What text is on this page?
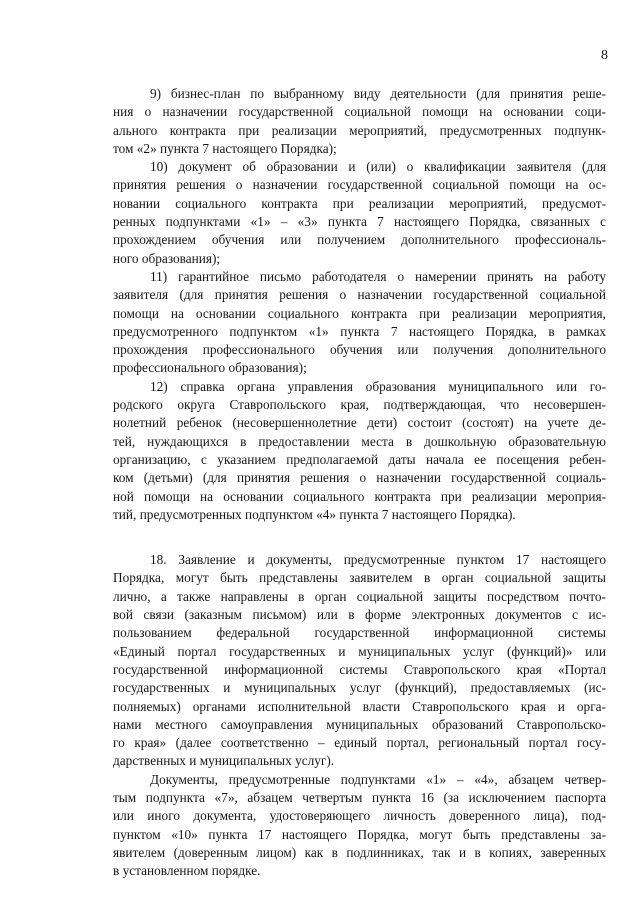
8
9) бизнес-план по выбранному виду деятельности (для принятия реше-
ния о назначении государственной социальной помощи на основании соци-
ального контракта при реализации мероприятий, предусмотренных подпунк-
том «2» пункта 7 настоящего Порядка);
10) документ об образовании и (или) о квалификации заявителя (для
принятия решения о назначении государственной социальной помощи на ос-
новании социального контракта при реализации мероприятий, предусмот-
ренных подпунктами «1» – «3» пункта 7 настоящего Порядка, связанных с
прохождением обучения или получением дополнительного профессиональ-
ного образования);
11) гарантийное письмо работодателя о намерении принять на работу
заявителя (для принятия решения о назначении государственной социальной
помощи на основании социального контракта при реализации мероприятия,
предусмотренного подпунктом «1» пункта 7 настоящего Порядка, в рамках
прохождения профессионального обучения или получения дополнительного
профессионального образования);
12) справка органа управления образования муниципального или го-
родского округа Ставропольского края, подтверждающая, что несовершен-
нолетний ребенок (несовершеннолетние дети) состоит (состоят) на учете де-
тей, нуждающихся в предоставлении места в дошкольную образовательную
организацию, с указанием предполагаемой даты начала ее посещения ребен-
ком (детьми) (для принятия решения о назначении государственной социаль-
ной помощи на основании социального контракта при реализации мероприя-
тий, предусмотренных подпунктом «4» пункта 7 настоящего Порядка).
18. Заявление и документы, предусмотренные пунктом 17 настоящего
Порядка, могут быть представлены заявителем в орган социальной защиты
лично, а также направлены в орган социальной защиты посредством почто-
вой связи (заказным письмом) или в форме электронных документов с ис-
пользованием федеральной государственной информационной системы
«Единый портал государственных и муниципальных услуг (функций)» или
государственной информационной системы Ставропольского края «Портал
государственных и муниципальных услуг (функций), предоставляемых (ис-
полняемых) органами исполнительной власти Ставропольского края и орга-
нами местного самоуправления муниципальных образований Ставропольско-
го края» (далее соответственно – единый портал, региональный портал госу-
дарственных и муниципальных услуг).
Документы, предусмотренные подпунктами «1» – «4», абзацем четвер-
тым подпункта «7», абзацем четвертым пункта 16 (за исключением паспорта
или иного документа, удостоверяющего личность доверенного лица), под-
пунктом «10» пункта 17 настоящего Порядка, могут быть представлены за-
явителем (доверенным лицом) как в подлинниках, так и в копиях, заверенных
в установленном порядке.
